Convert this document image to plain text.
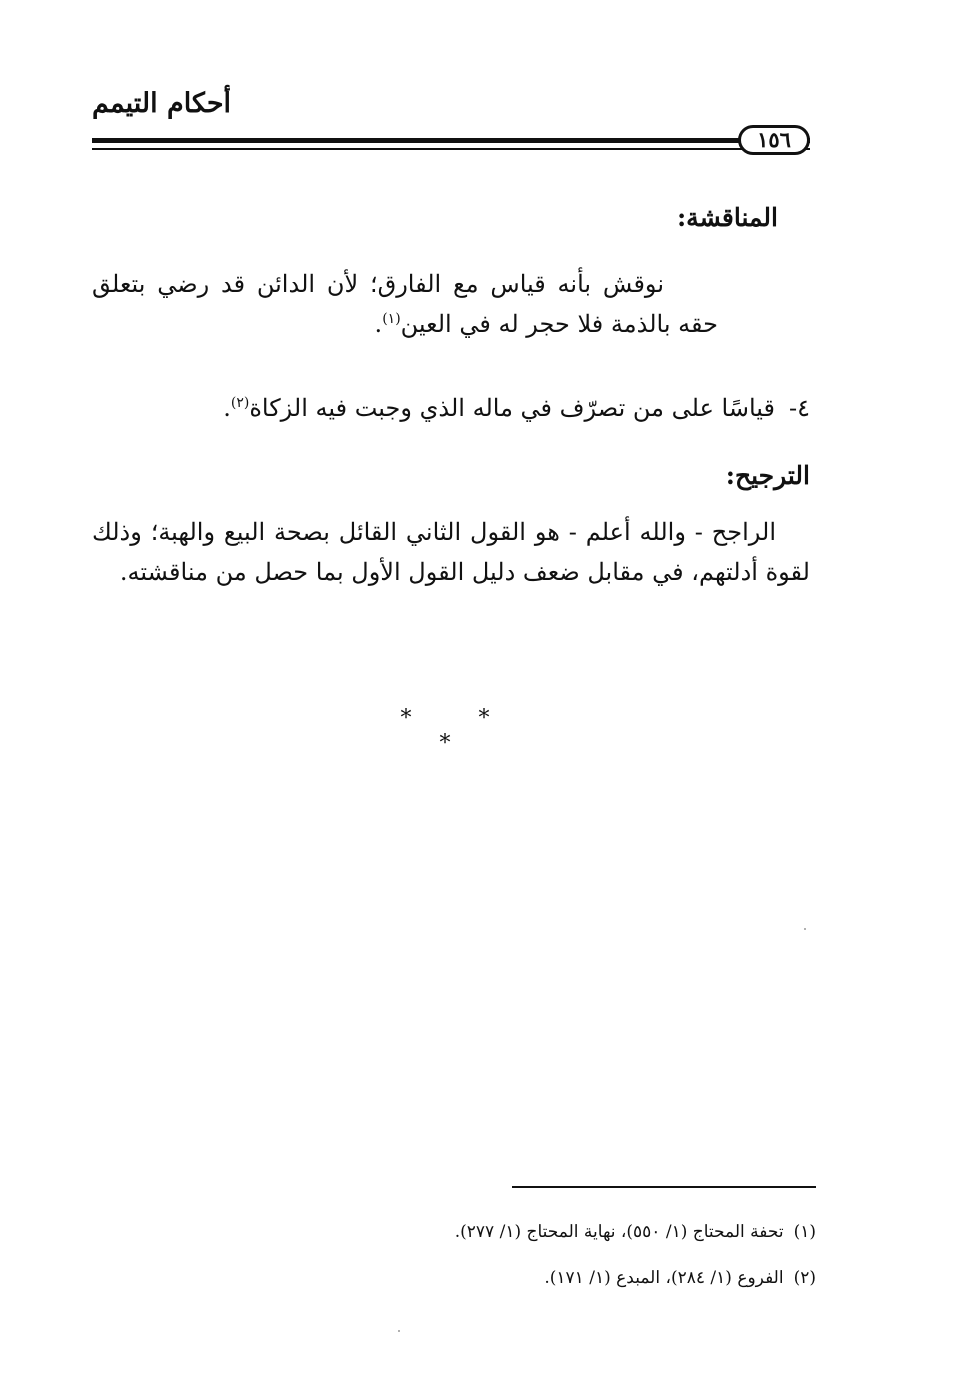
أحكام التيمم
١٥٦
المناقشة:
نوقش بأنه قياس مع الفارق؛ لأن الدائن قد رضي بتعلق حقه بالذمة فلا حجر له في العين$^{(١)}$.
٤-قياسًا على من تصرّف في ماله الذي وجبت فيه الزكاة$^{(٢)}$.
الترجيح:
الراجح - والله أعلم - هو القول الثاني القائل بصحة البيع والهبة؛ وذلك لقوة أدلتهم، في مقابل ضعف دليل القول الأول بما حصل من مناقشته.
* * *
(١)تحفة المحتاج (١/ ٥٥٠)، نهاية المحتاج (١/ ٢٧٧).
(٢)الفروع (١/ ٢٨٤)، المبدع (١/ ١٧١).
